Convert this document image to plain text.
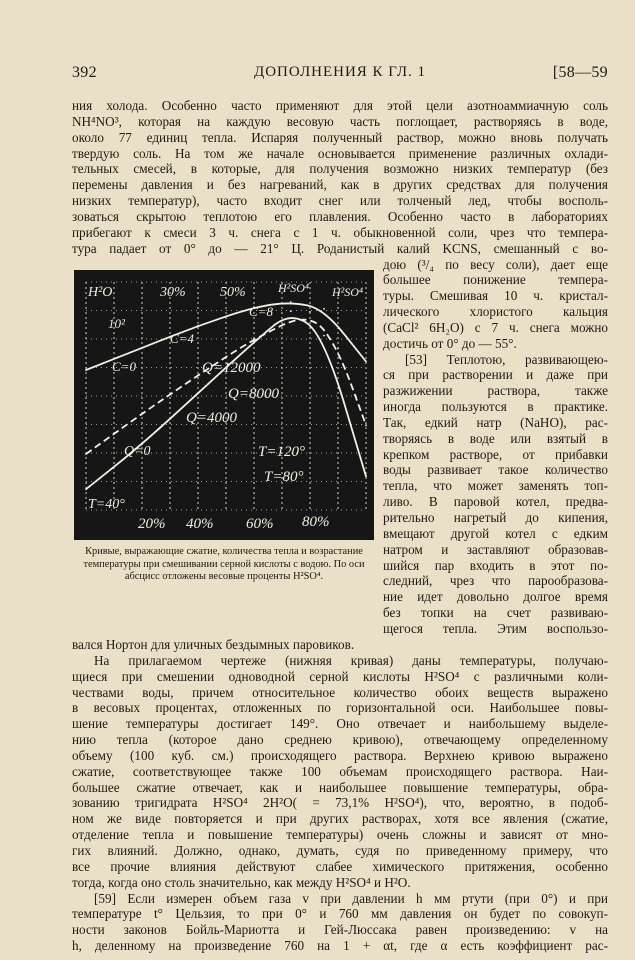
392	ДОПОЛНЕНИЯ К ГЛ. 1	[58—59

ния холода. Особенно часто применяют для этой цели азотноаммиачную соль

NH⁴NO³, которая на каждую весовую часть поглощает, растворяясь в воде,

около 77 единиц тепла. Испаряя полученный раствор, можно вновь получать

твердую соль. На том же начале основывается применение различных охлади-

тельных смесей, в которые, для получения возможно низких температур (без

перемены давления и без нагреваний, как в других средствах для получения

низких температур), часто входит снег или толченый лед, чтобы восполь-

зоваться скрытою теплотою его плавления. Особенно часто в лабораториях

прибегают к смеси 3 ч. снега с 1 ч. обыкновенной соли, чрез что темпера-

тура падает от 0° до — 21° Ц. Роданистый калий KCNS, смешанный с во-

H²O	30% 50%	H²SO⁴ H²SO⁴
10²
C=8
C=4
C=0	Q=12000
Q=8000
Q=4000
Q=0	T=120°
T=80°
T=40°
20% 40% 60% 80%
Кривые, выражающие сжатие, количества тепла и возрастание температуры при смешивании серной кислоты с водою. По оси абсцисс отложены весовые проценты H²SO⁴.

дою (³/₄ по весу соли), дает еще

большее понижение темпера-

туры. Смешивая 10 ч. кристал-

лического хлористого кальция

(CaCl² 6H₂O) с 7 ч. снега можно

достичь от 0° до — 55°.

[53] Теплотою, развивающею-

ся при растворении и даже при

разжижении раствора, также

иногда пользуются в практике.

Так, едкий натр (NaHO), рас-

творяясь в воде или взятый в

крепком растворе, от прибавки

воды развивает такое количество

тепла, что может заменять топ-

ливо. В паровой котел, предва-

рительно нагретый до кипения,

вмещают другой котел с едким

натром и заставляют образовав-

шийся пар входить в этот по-

следний, чрез что парообразова-

ние идет довольно долгое время

без топки на счет развиваю-

щегося тепла. Этим воспользо-

вался Нортон для уличных бездымных паровиков.

На прилагаемом чертеже (нижняя кривая) даны температуры, получаю-

щиеся при смешении одноводной серной кислоты H²SO⁴ с различными коли-

чествами воды, причем относительное количество обоих веществ выражено

в весовых процентах, отложенных по горизонтальной оси. Наибольшее повы-

шение температуры достигает 149°. Оно отвечает и наибольшему выделе-

нию тепла (которое дано среднею кривою), отвечающему определенному

объему (100 куб. см.) происходящего раствора. Верхнею кривою выражено

сжатие, соответствующее также 100 объемам происходящего раствора. Наи-

большее сжатие отвечает, как и наибольшее повышение температуры, обра-

зованию тригидрата H²SO⁴ 2H²O( = 73,1% H²SO⁴), что, вероятно, в подоб-

ном же виде повторяется и при других растворах, хотя все явления (сжатие,

отделение тепла и повышение температуры) очень сложны и зависят от мно-

гих влияний. Должно, однако, думать, судя по приведенному примеру, что

все прочие влияния действуют слабее химического притяжения, особенно

тогда, когда оно столь значительно, как между H²SO⁴ и H²O.

[59] Если измерен объем газа v при давлении h мм ртути (при 0°) и при

температуре t° Цельзия, то при 0° и 760 мм давления он будет по совокуп-

ности законов Бойль-Мариотта и Гей-Люссака равен произведению: v на

h, деленному на произведение 760 на 1 + αt, где α есть коэффициент рас-
